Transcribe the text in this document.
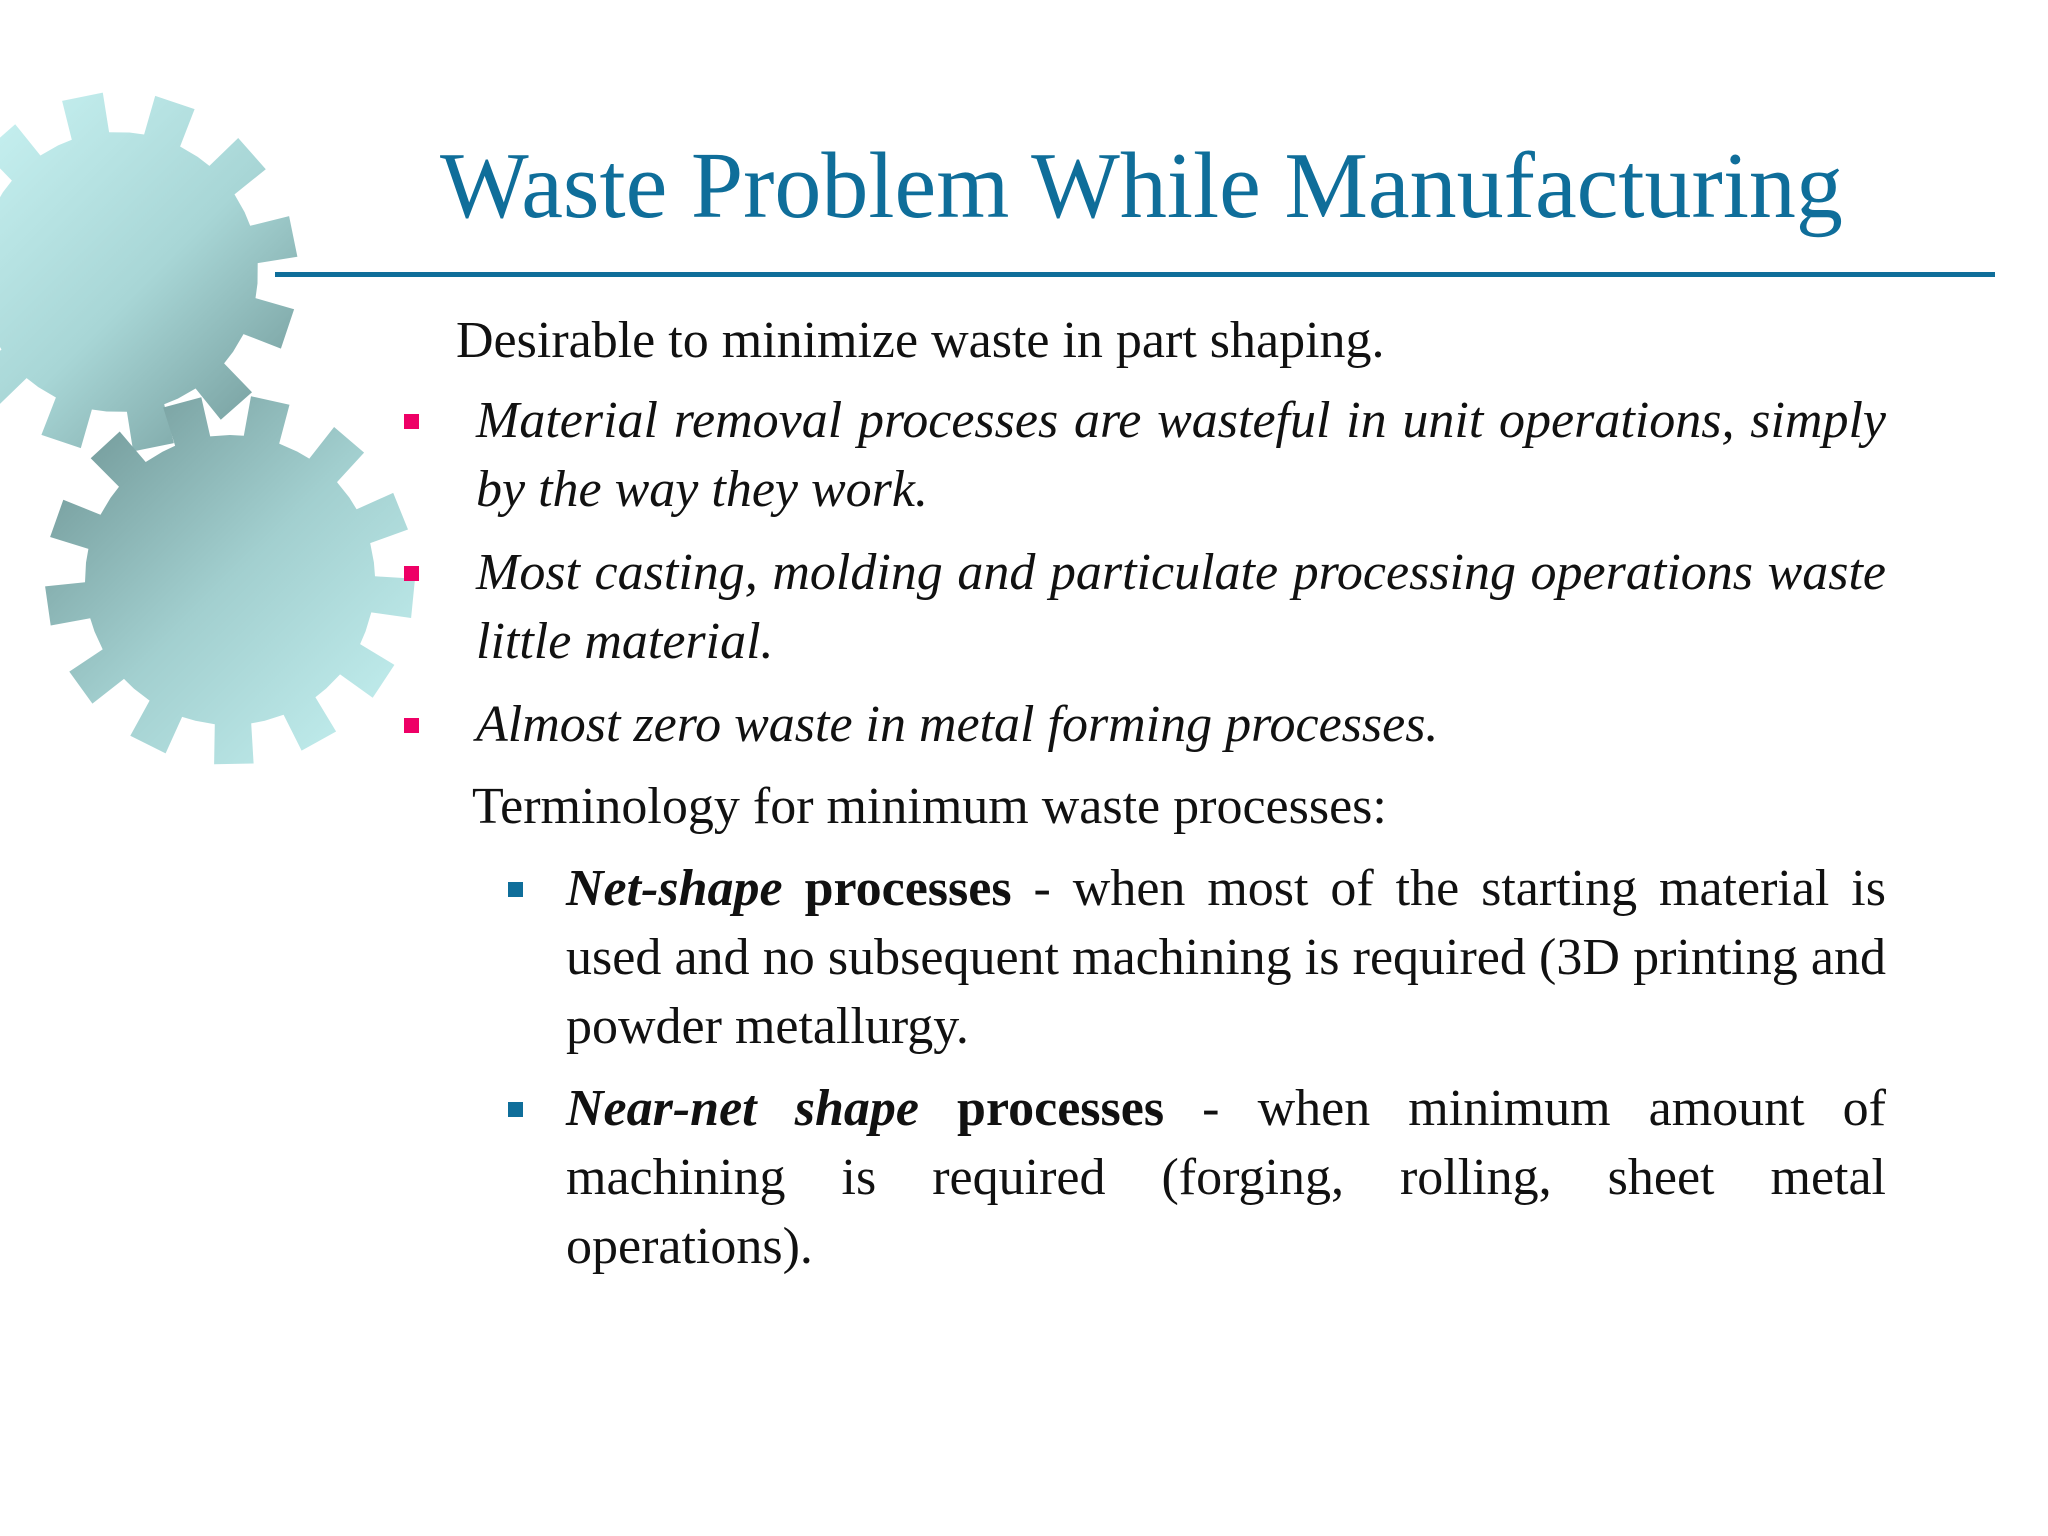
Waste Problem While Manufacturing
Desirable to minimize waste in part shaping.
Material removal processes are wasteful in unit operations, simply by the way they work.
Most casting, molding and particulate processing operations waste little material.
Almost zero waste in metal forming processes.
Terminology for minimum waste processes:
Net-shape processes - when most of the starting material is used and no subsequent machining is required (3D printing and powder metallurgy.
Near-net shape processes - when minimum amount of machining is required (forging, rolling, sheet metal operations).
